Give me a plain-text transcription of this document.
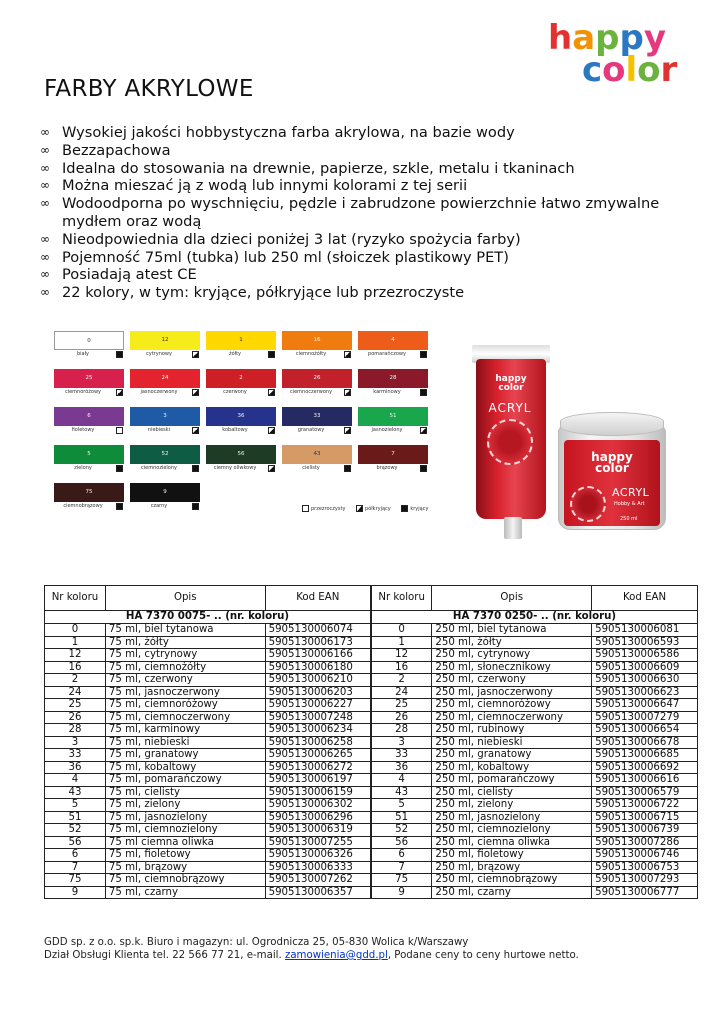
happy
color
FARBY AKRYLOWE
∞ Wysokiej jakości hobbystyczna farba akrylowa, na bazie wody
∞ Bezzapachowa
∞ Idealna do stosowania na drewnie, papierze, szkle, metalu i tkaninach
∞ Można mieszać ją z wodą lub innymi kolorami z tej serii
∞ Wodoodporna po wyschnięciu, pędzle i zabrudzone powierzchnie łatwo zmywalne mydłem oraz wodą
∞ Nieodpowiednia dla dzieci poniżej 3 lat (ryzyko spożycia farby)
∞ Pojemność 75ml (tubka) lub 250 ml (słoiczek plastikowy PET)
∞ Posiadają atest CE
∞ 22 kolory, w tym: kryjące, półkryjące lub przezroczyste
0
biały
12
cytrynowy
1
żółty
16
ciemnożółty
4
pomarańczowy
25
ciemnoróżowy
24
jasnoczerwony
2
czerwony
26
ciemnoczerwony
28
karminowy
6
fioletowy
3
niebieski
36
kobaltowy
33
granatowy
51
jasnozielony
5
zielony
52
ciemnozielony
56
ciemny oliwkowy
43
cielisty
7
brązowy
75
ciemnobrązowy
9
czarny	przezroczysty	półkryjący	kryjący
happy
color
ACRYL
happy
color
ACRYL
Hobby & Art
250 ml
Nr koloru	Opis	Kod EAN	Nr koloru	Opis	Kod EAN
HA 7370 0075- .. (nr. koloru)			HA 7370 0250- .. (nr. koloru)		
0	75 ml, biel tytanowa	5905130006074	0	250 ml, biel tytanowa	5905130006081
1	75 ml, żółty	5905130006173	1	250 ml, żółty	5905130006593
12	75 ml, cytrynowy	5905130006166	12	250 ml, cytrynowy	5905130006586
16	75 ml, ciemnożółty	5905130006180	16	250 ml, słonecznikowy	5905130006609
2	75 ml, czerwony	5905130006210	2	250 ml, czerwony	5905130006630
24	75 ml, jasnoczerwony	5905130006203	24	250 ml, jasnoczerwony	5905130006623
25	75 ml, ciemnoróżowy	5905130006227	25	250 ml, ciemnoróżowy	5905130006647
26	75 ml, ciemnoczerwony	5905130007248	26	250 ml, ciemnoczerwony	5905130007279
28	75 ml, karminowy	5905130006234	28	250 ml, rubinowy	5905130006654
3	75 ml, niebieski	5905130006258	3	250 ml, niebieski	5905130006678
33	75 ml, granatowy	5905130006265	33	250 ml, granatowy	5905130006685
36	75 ml, kobaltowy	5905130006272	36	250 ml, kobaltowy	5905130006692
4	75 ml, pomarańczowy	5905130006197	4	250 ml, pomarańczowy	5905130006616
43	75 ml, cielisty	5905130006159	43	250 ml, cielisty	5905130006579
5	75 ml, zielony	5905130006302	5	250 ml, zielony	5905130006722
51	75 ml, jasnozielony	5905130006296	51	250 ml, jasnozielony	5905130006715
52	75 ml, ciemnozielony	5905130006319	52	250 ml, ciemnozielony	5905130006739
56	75 ml ciemna oliwka	5905130007255	56	250 ml, ciemna oliwka	5905130007286
6	75 ml, fioletowy	5905130006326	6	250 ml, fioletowy	5905130006746
7	75 ml, brązowy	5905130006333	7	250 ml, brązowy	5905130006753
75	75 ml, ciemnobrązowy	5905130007262	75	250 ml, ciemnobrązowy	5905130007293
9	75 ml, czarny	5905130006357	9	250 ml, czarny	5905130006777
GDD sp. z o.o. sp.k. Biuro i magazyn: ul. Ogrodnicza 25, 05-830 Wolica k/Warszawy
Dział Obsługi Klienta tel. 22 566 77 21, e-mail. zamowienia@gdd.pl, Podane ceny to ceny hurtowe netto.
